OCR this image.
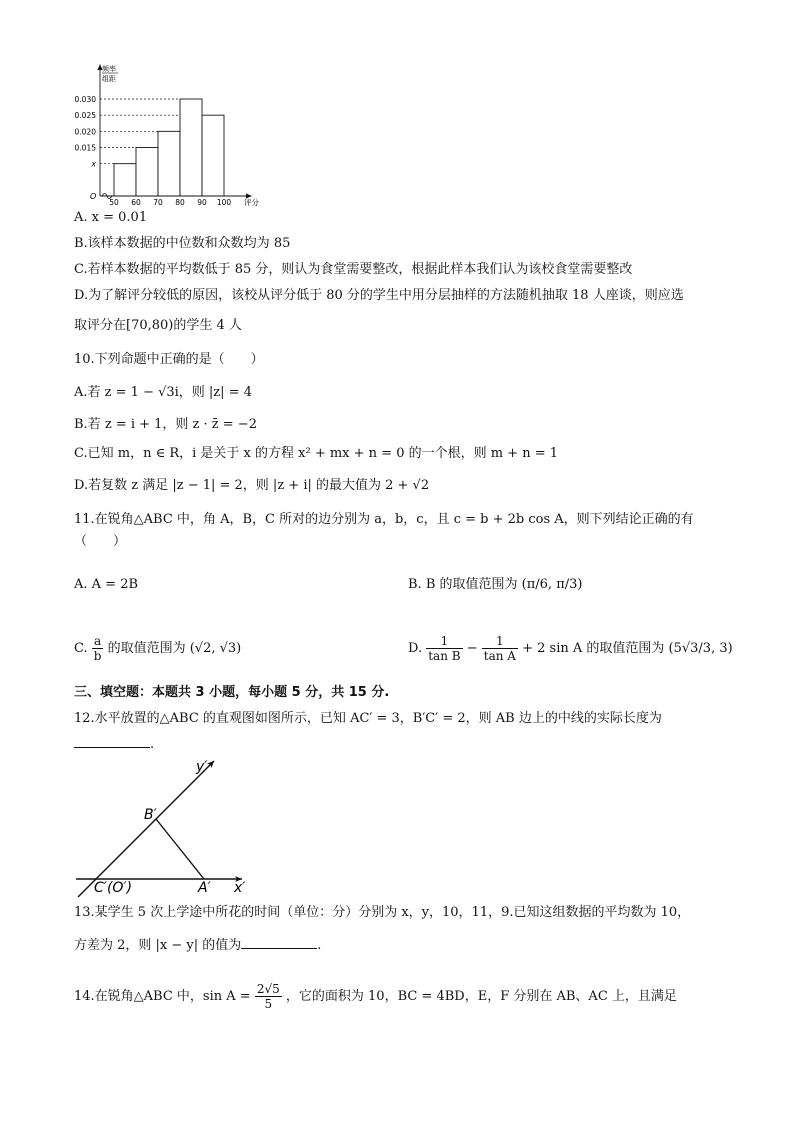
0.030
0.025
0.020
0.015
x
50 60 70 80 90 100
O
评分
频率
组距
A. x = 0.01
B.该样本数据的中位数和众数均为 85
C.若样本数据的平均数低于 85 分，则认为食堂需要整改，根据此样本我们认为该校食堂需要整改
D.为了解评分较低的原因，该校从评分低于 80 分的学生中用分层抽样的方法随机抽取 18 人座谈，则应选
取评分在[70,80)的学生 4 人
10.下列命题中正确的是（　　）
A.若 z = 1 − √3i，则 |z| = 4
B.若 z = i + 1，则 z · z̄ = −2
C.已知 m，n ∈ R，i 是关于 x 的方程 x² + mx + n = 0 的一个根，则 m + n = 1
D.若复数 z 满足 |z − 1| = 2，则 |z + i| 的最大值为 2 + √2
11.在锐角△ABC 中，角 A，B，C 所对的边分别为 a，b，c，且 c = b + 2b cos A，则下列结论正确的有
（　　）
A. A = 2B	B. B 的取值范围为 (π/6, π/3)
C. $\frac{a}{b}$ 的取值范围为 (√2, √3)	D. $\frac{1}{\text{tan B}} - \frac{1}{\text{tan A}} + 2$ sin A 的取值范围为 (5√3/3, 3)
三、填空题：本题共 3 小题，每小题 5 分，共 15 分.
12.水平放置的△ABC 的直观图如图所示，已知 AC′ = 3，B′C′ = 2，则 AB 边上的中线的实际长度为
.
y′
x′
B′
C′(O′)	A′
13.某学生 5 次上学途中所花的时间（单位：分）分别为 x，y，10，11，9.已知这组数据的平均数为 10，
方差为 2，则 |x − y| 的值为	.
14.在锐角△ABC 中，$\sin A = \frac{2√5}{5}$ ，它的面积为 10，BC = 4BD，E，F 分别在 AB、AC 上，且满足
